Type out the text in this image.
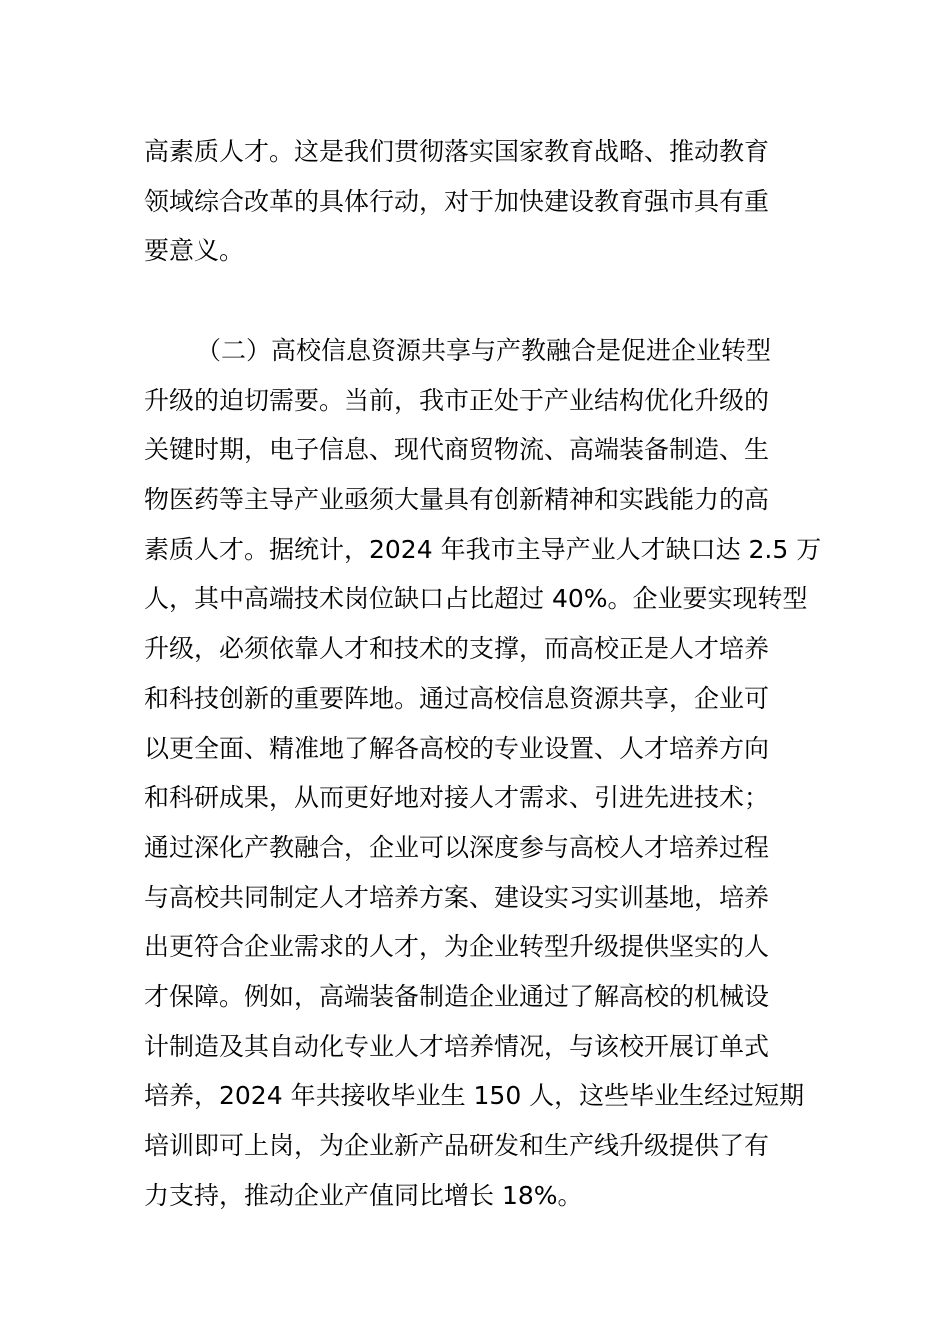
高素质人才。这是我们贯彻落实国家教育战略、推动教育
领域综合改革的具体行动，对于加快建设教育强市具有重
要意义。
（二）高校信息资源共享与产教融合是促进企业转型
升级的迫切需要。当前，我市正处于产业结构优化升级的
关键时期，电子信息、现代商贸物流、高端装备制造、生
物医药等主导产业亟须大量具有创新精神和实践能力的高
素质人才。据统计，2024 年我市主导产业人才缺口达 2.5 万
人，其中高端技术岗位缺口占比超过 40%。企业要实现转型
升级，必须依靠人才和技术的支撑，而高校正是人才培养
和科技创新的重要阵地。通过高校信息资源共享，企业可
以更全面、精准地了解各高校的专业设置、人才培养方向
和科研成果，从而更好地对接人才需求、引进先进技术；
通过深化产教融合，企业可以深度参与高校人才培养过程
与高校共同制定人才培养方案、建设实习实训基地，培养
出更符合企业需求的人才，为企业转型升级提供坚实的人
才保障。例如，高端装备制造企业通过了解高校的机械设
计制造及其自动化专业人才培养情况，与该校开展订单式
培养，2024 年共接收毕业生 150 人，这些毕业生经过短期
培训即可上岗，为企业新产品研发和生产线升级提供了有
力支持，推动企业产值同比增长 18%。
